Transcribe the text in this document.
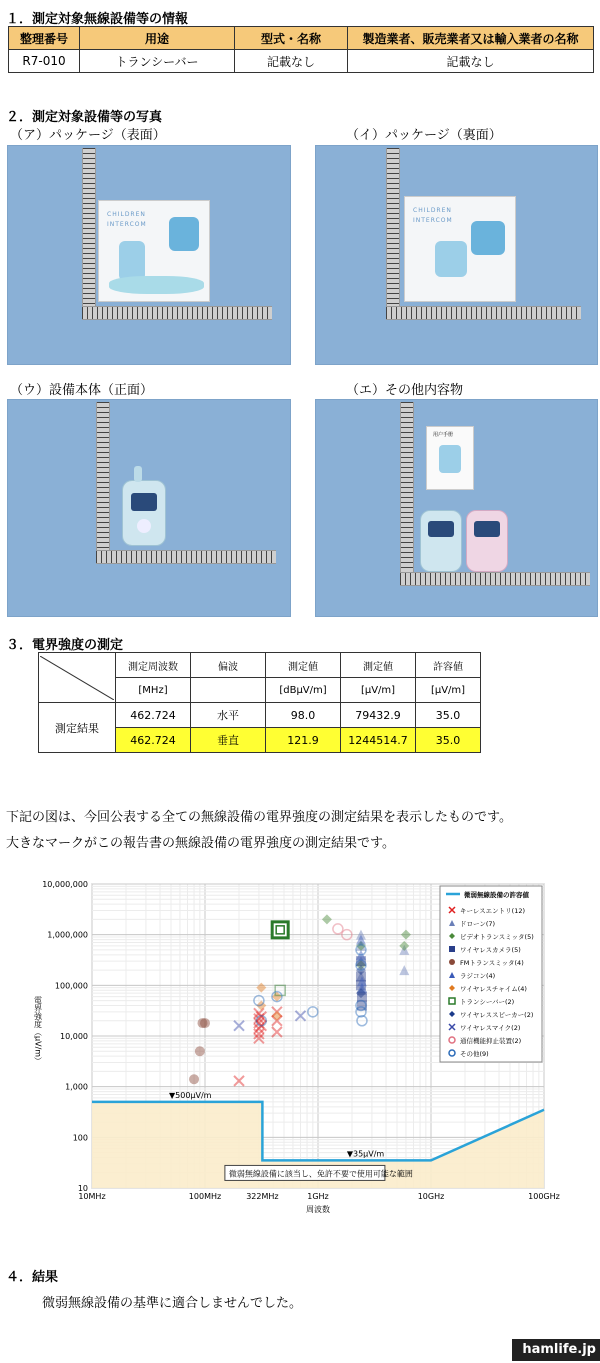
１．測定対象無線設備等の情報
整理番号	用途	型式・名称	製造業者、販売業者又は輸入業者の名称
R7-010	トランシーバー	記載なし	記載なし
２．測定対象設備等の写真
（ア）パッケージ（表面）	（イ）パッケージ（裏面）
CHILDREN
INTERCOM
CHILDREN
INTERCOM
（ウ）設備本体（正面）	（エ）その他内容物
用户手册
３．電界強度の測定
	測定周波数	偏波	測定値	測定値	許容値
	[MHz]		[dBμV/m]	[μV/m]	[μV/m]
測定結果	462.724	水平	98.0	79432.9	35.0
	462.724	垂直	121.9	1244514.7	35.0
下記の図は、今回公表する全ての無線設備の電界強度の測定結果を表示したものです。
大きなマークがこの報告書の無線設備の電界強度の測定結果です。
▼500μV/m
▼35μV/m
微弱無線設備に該当し、免許不要で使用可能な範囲
10MHz	100MHz	322MHz	1GHz	10GHz	100GHz
10,000,000
1,000,000
100,000
10,000
1,000
100
10
周波数
電界強度（μV/m）
微弱無線設備の許容値
キーレスエントリ(12)
ドローン(7)
ビデオトランスミッタ(5)
ワイヤレスカメラ(5)
FMトランスミッタ(4)
ラジコン(4)
ワイヤレスチャイム(4)
トランシーバー(2)
ワイヤレススピーカー(2)
ワイヤレスマイク(2)
通信機能抑止装置(2)
その他(9)
４．結果
微弱無線設備の基準に適合しませんでした。
hamlife.jp
